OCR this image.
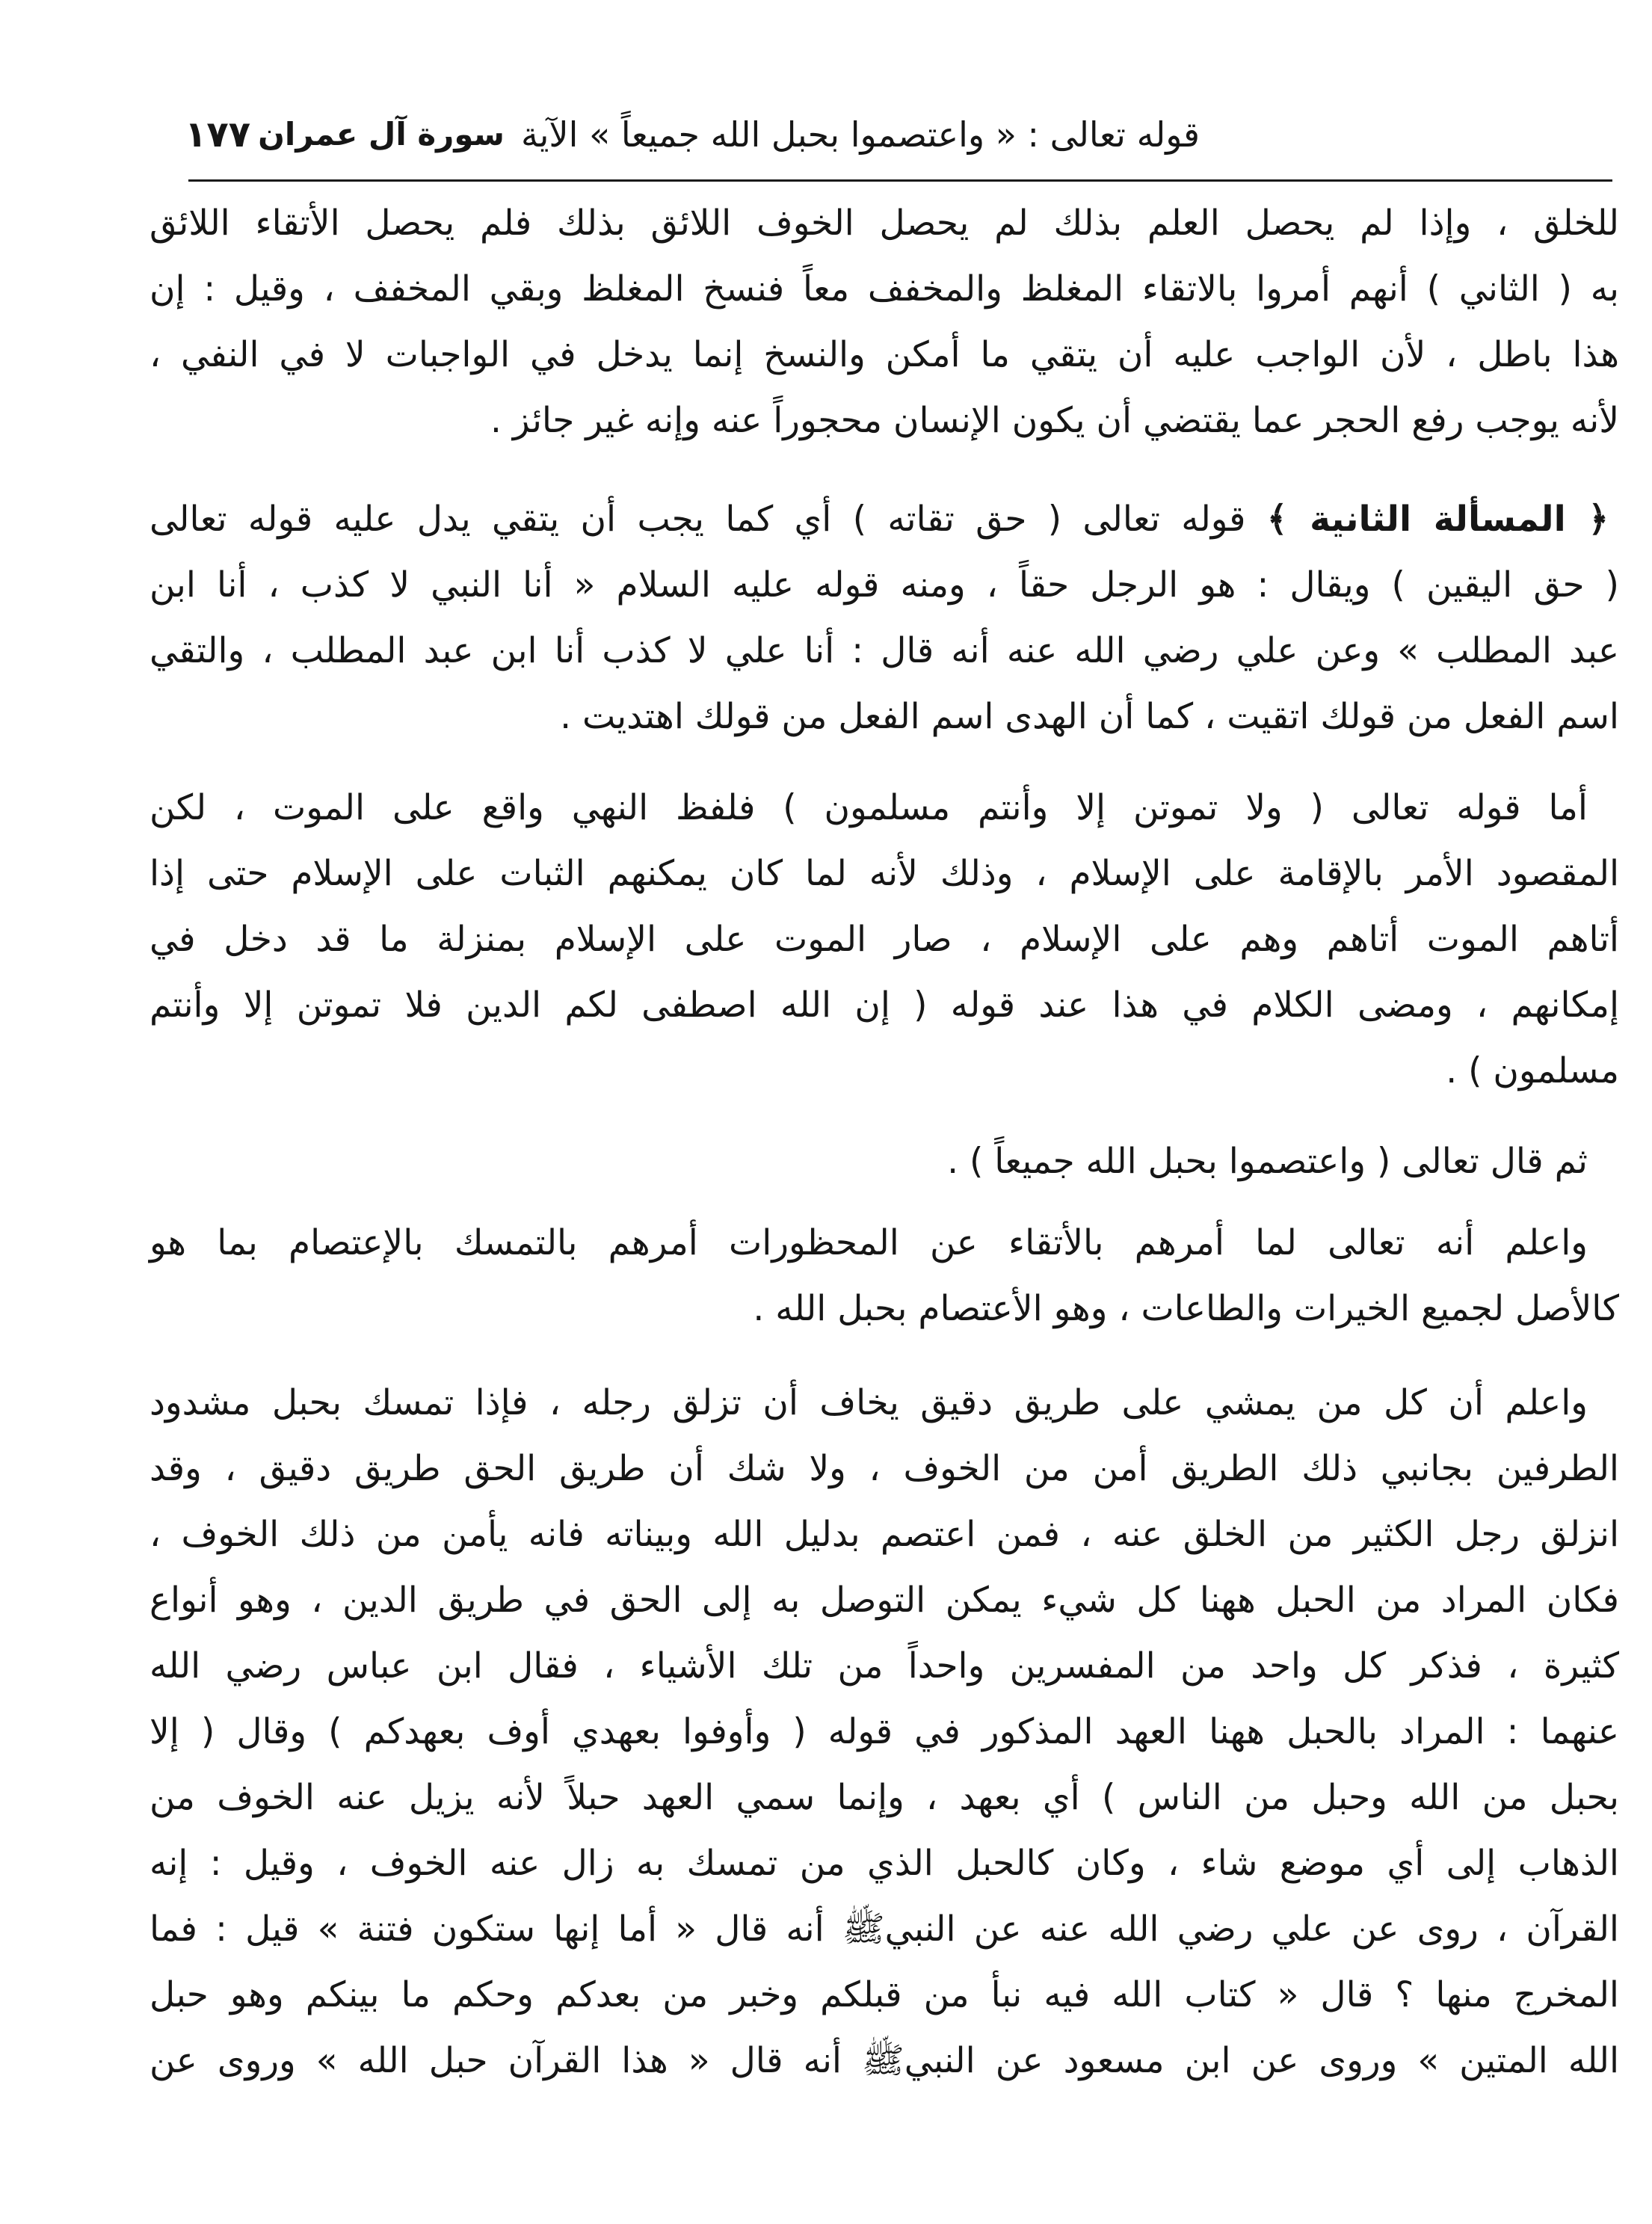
قوله تعالى : « واعتصموا بحبل الله جميعاً » الآية
سورة آل عمران
١٧٧
للخلق ، وإذا لم يحصل العلم بذلك لم يحصل الخوف اللائق بذلك فلم يحصل الأتقاء اللائق
به ( الثاني ) أنهم أمروا بالاتقاء المغلظ والمخفف معاً فنسخ المغلظ وبقي المخفف ، وقيل : إن
هذا باطل ، لأن الواجب عليه أن يتقي ما أمكن والنسخ إنما يدخل في الواجبات لا في النفي ،
لأنه يوجب رفع الحجر عما يقتضي أن يكون الإنسان محجوراً عنه وإنه غير جائز .
﴿ المسألة الثانية ﴾ قوله تعالى ( حق تقاته ) أي كما يجب أن يتقي يدل عليه قوله تعالى
( حق اليقين ) ويقال : هو الرجل حقاً ، ومنه قوله عليه السلام « أنا النبي لا كذب ، أنا ابن
عبد المطلب » وعن علي رضي الله عنه أنه قال : أنا علي لا كذب أنا ابن عبد المطلب ، والتقي
اسم الفعل من قولك اتقيت ، كما أن الهدى اسم الفعل من قولك اهتديت .
أما قوله تعالى ( ولا تموتن إلا وأنتم مسلمون ) فلفظ النهي واقع على الموت ، لكن
المقصود الأمر بالإقامة على الإسلام ، وذلك لأنه لما كان يمكنهم الثبات على الإسلام حتى إذا
أتاهم الموت أتاهم وهم على الإسلام ، صار الموت على الإسلام بمنزلة ما قد دخل في
إمكانهم ، ومضى الكلام في هذا عند قوله ( إن الله اصطفى لكم الدين فلا تموتن إلا وأنتم
مسلمون ) .
ثم قال تعالى ( واعتصموا بحبل الله جميعاً ) .
واعلم أنه تعالى لما أمرهم بالأتقاء عن المحظورات أمرهم بالتمسك بالإعتصام بما هو
كالأصل لجميع الخيرات والطاعات ، وهو الأعتصام بحبل الله .
واعلم أن كل من يمشي على طريق دقيق يخاف أن تزلق رجله ، فإذا تمسك بحبل مشدود
الطرفين بجانبي ذلك الطريق أمن من الخوف ، ولا شك أن طريق الحق طريق دقيق ، وقد
انزلق رجل الكثير من الخلق عنه ، فمن اعتصم بدليل الله وبيناته فانه يأمن من ذلك الخوف ،
فكان المراد من الحبل ههنا كل شيء يمكن التوصل به إلى الحق في طريق الدين ، وهو أنواع
كثيرة ، فذكر كل واحد من المفسرين واحداً من تلك الأشياء ، فقال ابن عباس رضي الله
عنهما : المراد بالحبل ههنا العهد المذكور في قوله ( وأوفوا بعهدي أوف بعهدكم ) وقال ( إلا
بحبل من الله وحبل من الناس ) أي بعهد ، وإنما سمي العهد حبلاً لأنه يزيل عنه الخوف من
الذهاب إلى أي موضع شاء ، وكان كالحبل الذي من تمسك به زال عنه الخوف ، وقيل : إنه
القرآن ، روى عن علي رضي الله عنه عن النبيﷺ أنه قال « أما إنها ستكون فتنة » قيل : فما
المخرج منها ؟ قال « كتاب الله فيه نبأ من قبلكم وخبر من بعدكم وحكم ما بينكم وهو حبل
الله المتين » وروى عن ابن مسعود عن النبيﷺ أنه قال « هذا القرآن حبل الله » وروى عن
